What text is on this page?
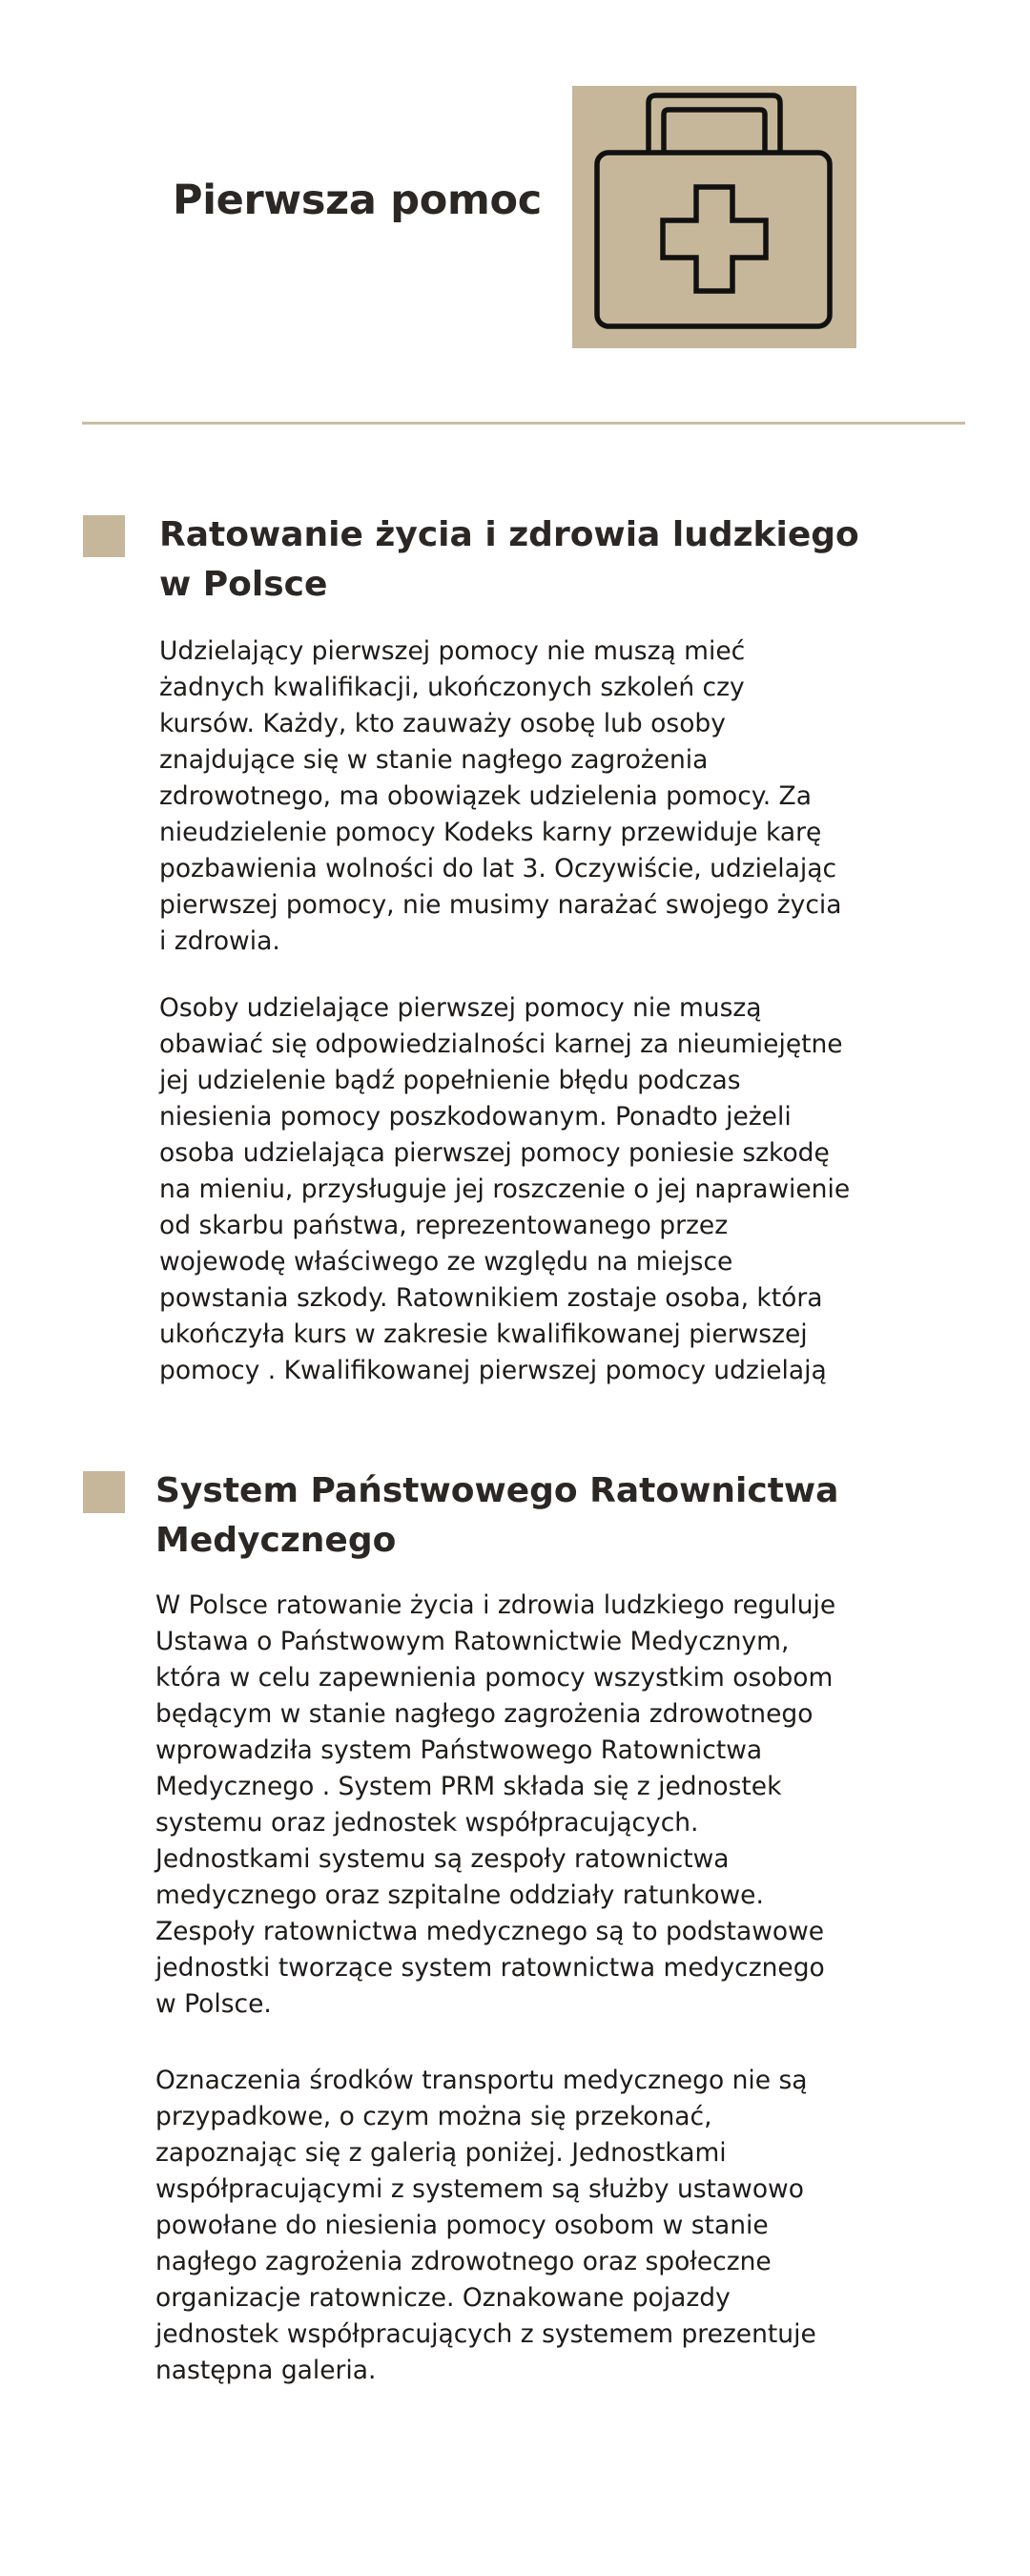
Pierwsza pomoc
Ratowanie życia i zdrowia ludzkiego
w Polsce

Udzielający pierwszej pomocy nie muszą mieć
żadnych kwalifikacji, ukończonych szkoleń czy
kursów. Każdy, kto zauważy osobę lub osoby
znajdujące się w stanie nagłego zagrożenia
zdrowotnego, ma obowiązek udzielenia pomocy. Za
nieudzielenie pomocy Kodeks karny przewiduje karę
pozbawienia wolności do lat 3. Oczywiście, udzielając
pierwszej pomocy, nie musimy narażać swojego życia
i zdrowia.

Osoby udzielające pierwszej pomocy nie muszą
obawiać się odpowiedzialności karnej za nieumiejętne
jej udzielenie bądź popełnienie błędu podczas
niesienia pomocy poszkodowanym. Ponadto jeżeli
osoba udzielająca pierwszej pomocy poniesie szkodę
na mieniu, przysługuje jej roszczenie o jej naprawienie
od skarbu państwa, reprezentowanego przez
wojewodę właściwego ze względu na miejsce
powstania szkody. Ratownikiem zostaje osoba, która
ukończyła kurs w zakresie kwalifikowanej pierwszej
pomocy . Kwalifikowanej pierwszej pomocy udzielają

System Państwowego Ratownictwa
Medycznego

W Polsce ratowanie życia i zdrowia ludzkiego reguluje
Ustawa o Państwowym Ratownictwie Medycznym,
która w celu zapewnienia pomocy wszystkim osobom
będącym w stanie nagłego zagrożenia zdrowotnego
wprowadziła system Państwowego Ratownictwa
Medycznego . System PRM składa się z jednostek
systemu oraz jednostek współpracujących.
Jednostkami systemu są zespoły ratownictwa
medycznego oraz szpitalne oddziały ratunkowe.
Zespoły ratownictwa medycznego są to podstawowe
jednostki tworzące system ratownictwa medycznego
w Polsce.

Oznaczenia środków transportu medycznego nie są
przypadkowe, o czym można się przekonać,
zapoznając się z galerią poniżej. Jednostkami
współpracującymi z systemem są służby ustawowo
powołane do niesienia pomocy osobom w stanie
nagłego zagrożenia zdrowotnego oraz społeczne
organizacje ratownicze. Oznakowane pojazdy
jednostek współpracujących z systemem prezentuje
następna galeria.
